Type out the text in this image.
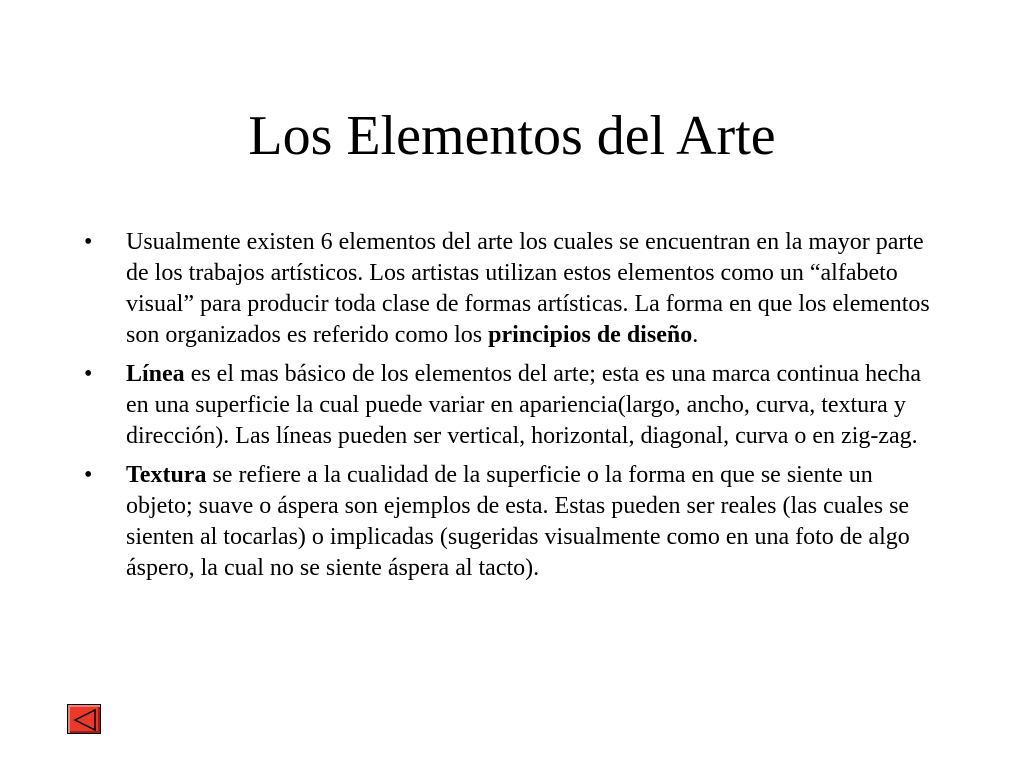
Los Elementos del Arte
•	Usualmente existen 6 elementos del arte los cuales se encuentran en la mayor parte de los trabajos artísticos. Los artistas utilizan estos elementos como un “alfabeto visual” para producir toda clase de formas artísticas. La forma en que los elementos son organizados es referido como los principios de diseño.
•	Línea es el mas básico de los elementos del arte; esta es una marca continua hecha en una superficie la cual puede variar en apariencia(largo, ancho, curva, textura y dirección). Las líneas pueden ser vertical, horizontal, diagonal, curva o en zig-zag.
•	Textura se refiere a la cualidad de la superficie o la forma en que se siente un objeto; suave o áspera son ejemplos de esta. Estas pueden ser reales (las cuales se sienten al tocarlas) o implicadas (sugeridas visualmente como en una foto de algo áspero, la cual no se siente áspera al tacto).
